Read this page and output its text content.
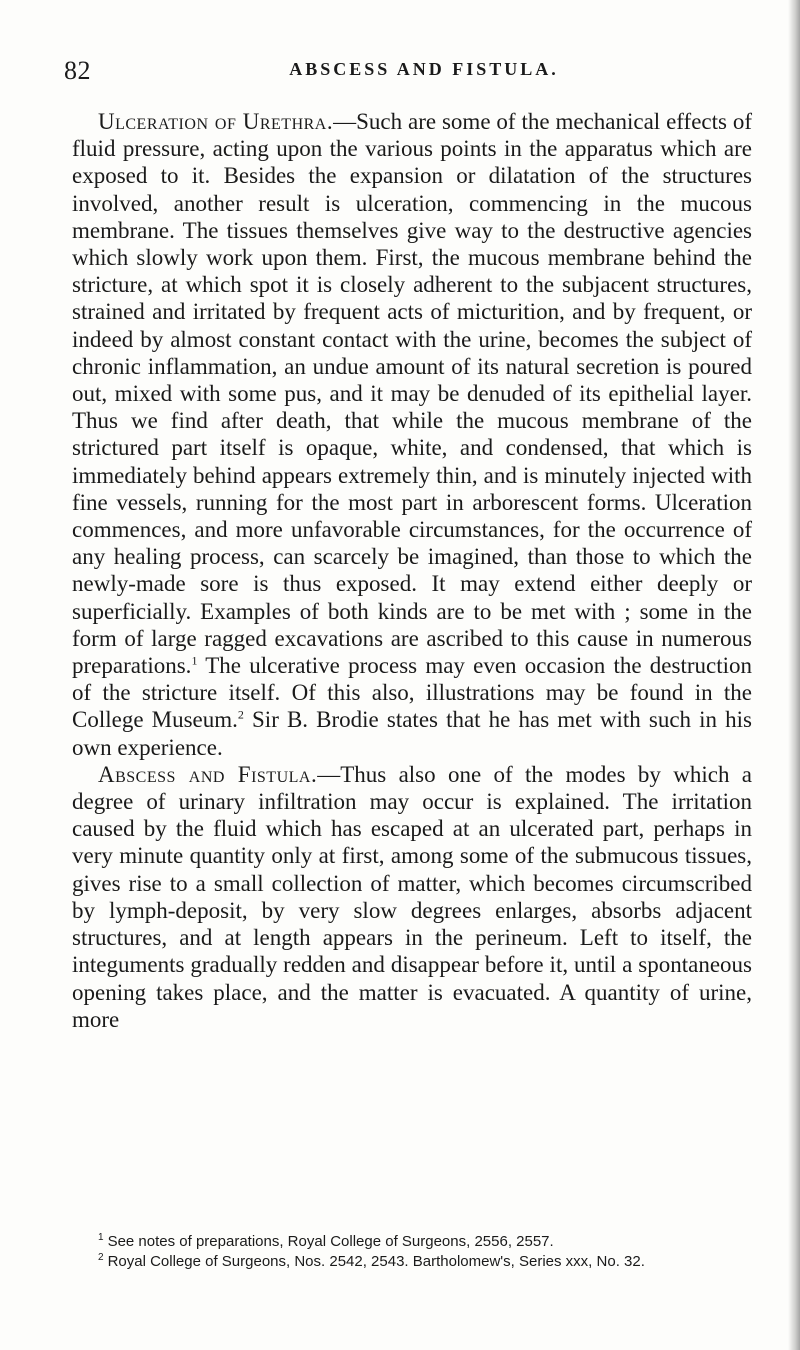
82	ABSCESS AND FISTULA.

Ulceration of Urethra.—Such are some of the mechanical effects of fluid pressure, acting upon the various points in the apparatus which are exposed to it. Besides the expansion or dilatation of the structures involved, another result is ulceration, commencing in the mucous membrane. The tissues themselves give way to the destructive agencies which slowly work upon them. First, the mucous membrane behind the stricture, at which spot it is closely adherent to the subjacent structures, strained and irritated by frequent acts of micturition, and by frequent, or indeed by almost constant contact with the urine, becomes the subject of chronic inflammation, an undue amount of its natural secretion is poured out, mixed with some pus, and it may be denuded of its epithelial layer. Thus we find after death, that while the mucous membrane of the strictured part itself is opaque, white, and condensed, that which is immediately behind appears extremely thin, and is minutely injected with fine vessels, running for the most part in arborescent forms. Ulceration commences, and more unfavorable circumstances, for the occurrence of any healing process, can scarcely be imagined, than those to which the newly-made sore is thus exposed. It may extend either deeply or superficially. Examples of both kinds are to be met with ; some in the form of large ragged excavations are ascribed to this cause in numerous preparations.$^1$ The ulcerative process may even occasion the destruction of the stricture itself. Of this also, illustrations may be found in the College Museum.$^2$ Sir B. Brodie states that he has met with such in his own experience.

Abscess and Fistula.—Thus also one of the modes by which a degree of urinary infiltration may occur is explained. The irritation caused by the fluid which has escaped at an ulcerated part, perhaps in very minute quantity only at first, among some of the submucous tissues, gives rise to a small collection of matter, which becomes circumscribed by lymph-deposit, by very slow degrees enlarges, absorbs adjacent structures, and at length appears in the perineum. Left to itself, the integuments gradually redden and disappear before it, until a spontaneous opening takes place, and the matter is evacuated. A quantity of urine, more

$^1$ See notes of preparations, Royal College of Surgeons, 2556, 2557.

$^2$ Royal College of Surgeons, Nos. 2542, 2543. Bartholomew's, Series xxx, No. 32.
